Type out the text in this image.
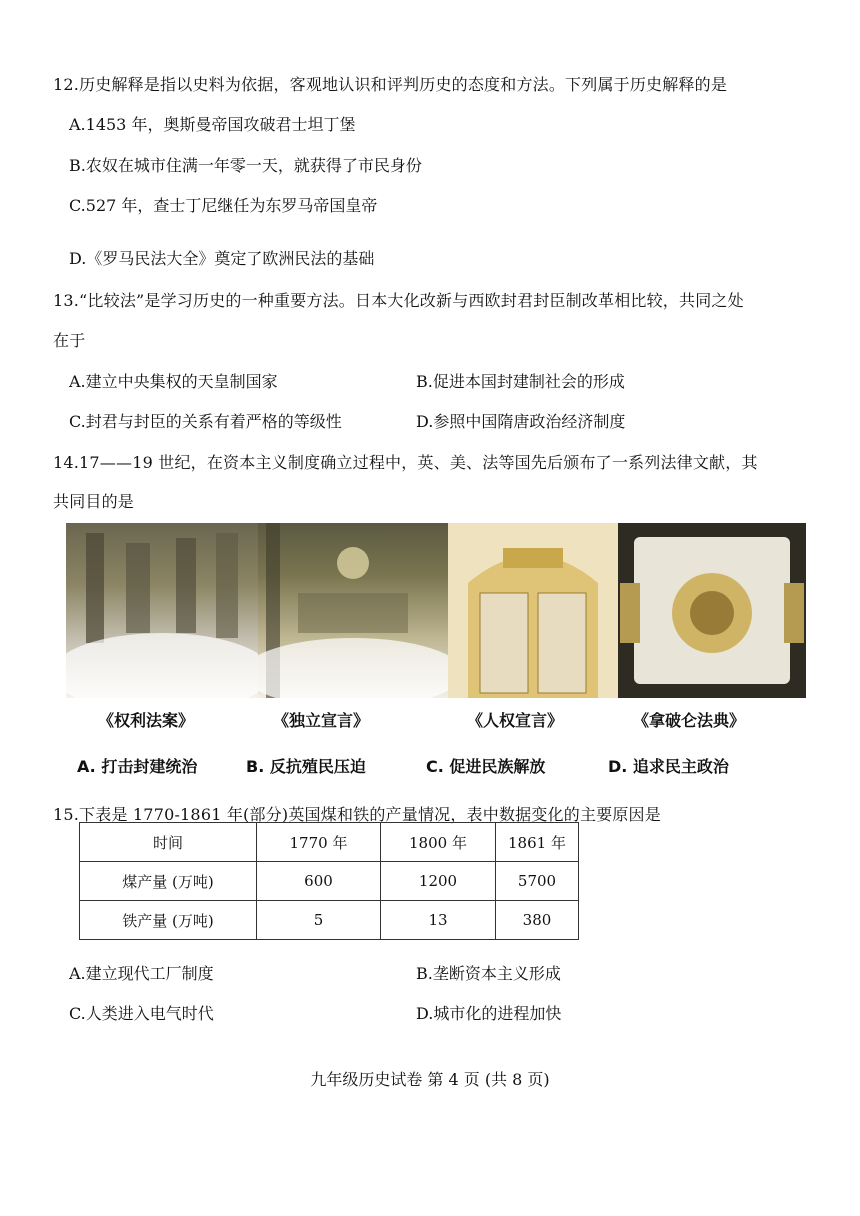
12.历史解释是指以史料为依据，客观地认识和评判历史的态度和方法。下列属于历史解释的是
A.1453 年，奥斯曼帝国攻破君士坦丁堡
B.农奴在城市住满一年零一天，就获得了市民身份
C.527 年，查士丁尼继任为东罗马帝国皇帝
D.《罗马民法大全》奠定了欧洲民法的基础
13.“比较法”是学习历史的一种重要方法。日本大化改新与西欧封君封臣制改革相比较，共同之处
在于
A.建立中央集权的天皇制国家	B.促进本国封建制社会的形成
C.封君与封臣的关系有着严格的等级性	D.参照中国隋唐政治经济制度
14.17——19 世纪，在资本主义制度确立过程中，英、美、法等国先后颁布了一系列法律文献，其
共同目的是
《权利法案》	《独立宣言》	《人权宣言》	《拿破仑法典》
A. 打击封建统治	B. 反抗殖民压迫	C. 促进民族解放	D. 追求民主政治
15.下表是 1770-1861 年(部分)英国煤和铁的产量情况，表中数据变化的主要原因是
时间	1770 年	1800 年	1861 年
煤产量 (万吨)	600	1200	5700
铁产量 (万吨)	5	13	380
A.建立现代工厂制度	B.垄断资本主义形成
C.人类进入电气时代	D.城市化的进程加快
九年级历史试卷 第 4 页 (共 8 页)
